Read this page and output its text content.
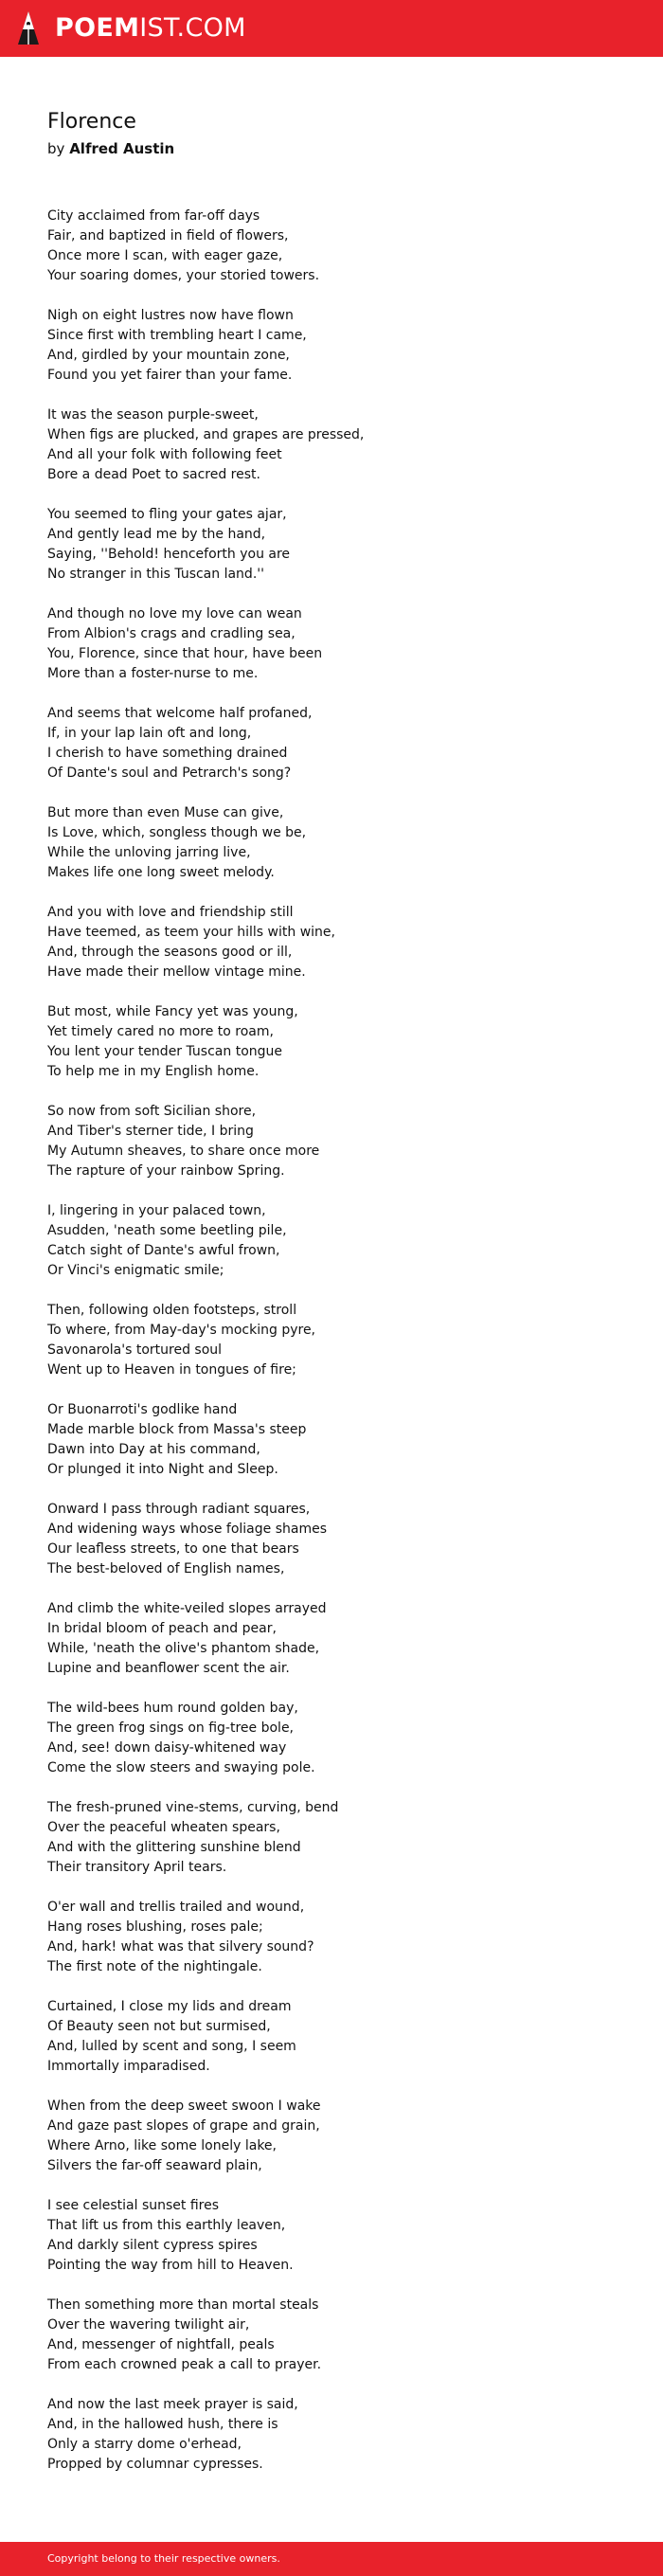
POEMIST.COM
Florence
by Alfred Austin
City acclaimed from far-off days
Fair, and baptized in field of flowers,
Once more I scan, with eager gaze,
Your soaring domes, your storied towers.
Nigh on eight lustres now have flown
Since first with trembling heart I came,
And, girdled by your mountain zone,
Found you yet fairer than your fame.
It was the season purple-sweet,
When figs are plucked, and grapes are pressed,
And all your folk with following feet
Bore a dead Poet to sacred rest.
You seemed to fling your gates ajar,
And gently lead me by the hand,
Saying, ''Behold! henceforth you are
No stranger in this Tuscan land.''
And though no love my love can wean
From Albion's crags and cradling sea,
You, Florence, since that hour, have been
More than a foster-nurse to me.
And seems that welcome half profaned,
If, in your lap lain oft and long,
I cherish to have something drained
Of Dante's soul and Petrarch's song?
But more than even Muse can give,
Is Love, which, songless though we be,
While the unloving jarring live,
Makes life one long sweet melody.
And you with love and friendship still
Have teemed, as teem your hills with wine,
And, through the seasons good or ill,
Have made their mellow vintage mine.
But most, while Fancy yet was young,
Yet timely cared no more to roam,
You lent your tender Tuscan tongue
To help me in my English home.
So now from soft Sicilian shore,
And Tiber's sterner tide, I bring
My Autumn sheaves, to share once more
The rapture of your rainbow Spring.
I, lingering in your palaced town,
Asudden, 'neath some beetling pile,
Catch sight of Dante's awful frown,
Or Vinci's enigmatic smile;
Then, following olden footsteps, stroll
To where, from May-day's mocking pyre,
Savonarola's tortured soul
Went up to Heaven in tongues of fire;
Or Buonarroti's godlike hand
Made marble block from Massa's steep
Dawn into Day at his command,
Or plunged it into Night and Sleep.
Onward I pass through radiant squares,
And widening ways whose foliage shames
Our leafless streets, to one that bears
The best-beloved of English names,
And climb the white-veiled slopes arrayed
In bridal bloom of peach and pear,
While, 'neath the olive's phantom shade,
Lupine and beanflower scent the air.
The wild-bees hum round golden bay,
The green frog sings on fig-tree bole,
And, see! down daisy-whitened way
Come the slow steers and swaying pole.
The fresh-pruned vine-stems, curving, bend
Over the peaceful wheaten spears,
And with the glittering sunshine blend
Their transitory April tears.
O'er wall and trellis trailed and wound,
Hang roses blushing, roses pale;
And, hark! what was that silvery sound?
The first note of the nightingale.
Curtained, I close my lids and dream
Of Beauty seen not but surmised,
And, lulled by scent and song, I seem
Immortally imparadised.
When from the deep sweet swoon I wake
And gaze past slopes of grape and grain,
Where Arno, like some lonely lake,
Silvers the far-off seaward plain,
I see celestial sunset fires
That lift us from this earthly leaven,
And darkly silent cypress spires
Pointing the way from hill to Heaven.
Then something more than mortal steals
Over the wavering twilight air,
And, messenger of nightfall, peals
From each crowned peak a call to prayer.
And now the last meek prayer is said,
And, in the hallowed hush, there is
Only a starry dome o'erhead,
Propped by columnar cypresses.
Copyright belong to their respective owners.
